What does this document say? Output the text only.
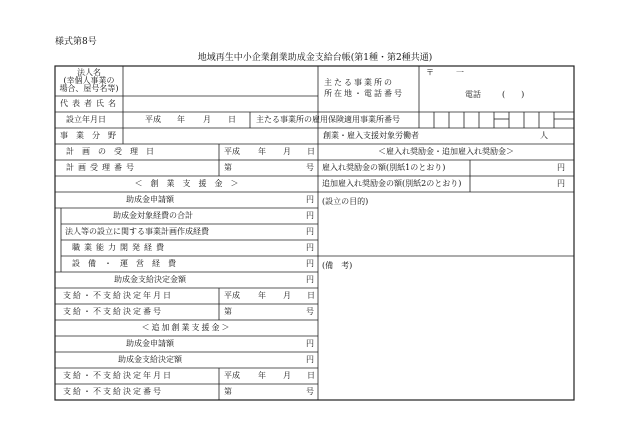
様式第8号
地域再生中小企業創業助成金支給台帳(第1種・第2種共通)
法人名
(幸個人事業の
場合、屋号名等)
代表者氏名
主たる事業所の
所在地・電話番号
〒	一
電話	(　　)
設立年月日	平成 年 月 日	主たる事業所の雇用保険適用事業所番号
事業分野	創業・雇入支援対象労働者	人
計画の受理日	平成 年 月 日
計画受理番号	第	号
＜　創　業　支　援　金　＞
助成金申請額	円
助成金対象経費の合計	円
法人等の設立に関する事業計画作成経費	円
職業能力開発経費	円
設備・運営経費	円
助成金支給決定金額	円
支給・不支給決定年月日	平成 年 月 日
支給・不支給決定番号	第	号
＜追加創業支援金＞
助成金申請額	円
助成金支給決定額	円
支給・不支給決定年月日	平成 年 月 日
支給・不支給決定番号	第	号
＜雇入れ奨励金・追加雇入れ奨励金＞
雇入れ奨励金の額(別紙1のとおり)	円
追加雇入れ奨励金の額(別紙2のとおり)	円
(設立の目的)
(備　考)
